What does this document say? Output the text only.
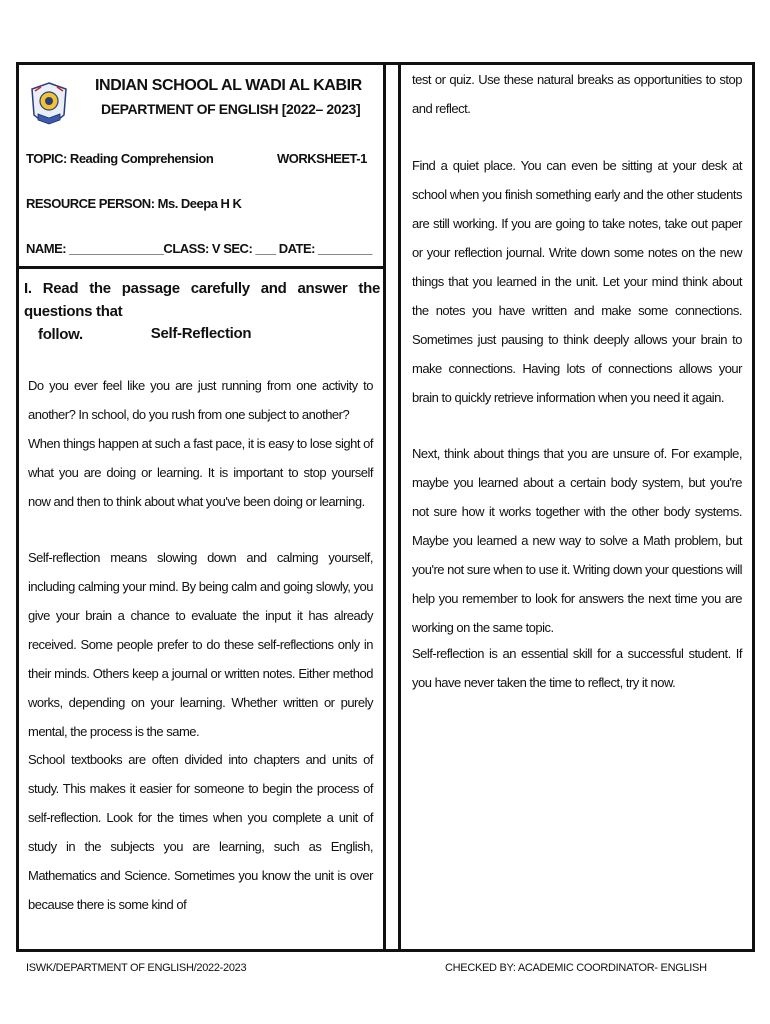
INDIAN SCHOOL AL WADI AL KABIR
DEPARTMENT OF ENGLISH [2022– 2023]
TOPIC: Reading Comprehension	WORKSHEET-1
RESOURCE PERSON: Ms. Deepa H K
NAME: ______________CLASS: V SEC: ___ DATE: ________
I. Read the passage carefully and answer the questions that
follow.	Self-Reflection

Do you ever feel like you are just running from one activity to another? In school, do you rush from one subject to another?

When things happen at such a fast pace, it is easy to lose sight of what you are doing or learning. It is important to stop yourself now and then to think about what you've been doing or learning.

Self-reflection means slowing down and calming yourself, including calming your mind. By being calm and going slowly, you give your brain a chance to evaluate the input it has already received. Some people prefer to do these self-reflections only in their minds. Others keep a journal or written notes. Either method works, depending on your learning. Whether written or purely mental, the process is the same.

School textbooks are often divided into chapters and units of study. This makes it easier for someone to begin the process of self-reflection. Look for the times when you complete a unit of study in the subjects you are learning, such as English, Mathematics and Science. Sometimes you know the unit is over because there is some kind of

test or quiz. Use these natural breaks as opportunities to stop and reflect.

Find a quiet place. You can even be sitting at your desk at school when you finish something early and the other students are still working. If you are going to take notes, take out paper or your reflection journal. Write down some notes on the new things that you learned in the unit. Let your mind think about the notes you have written and make some connections. Sometimes just pausing to think deeply allows your brain to make connections. Having lots of connections allows your brain to quickly retrieve information when you need it again.

Next, think about things that you are unsure of. For example, maybe you learned about a certain body system, but you're not sure how it works together with the other body systems. Maybe you learned a new way to solve a Math problem, but you're not sure when to use it. Writing down your questions will help you remember to look for answers the next time you are working on the same topic.

Self-reflection is an essential skill for a successful student. If you have never taken the time to reflect, try it now.

ISWK/DEPARTMENT OF ENGLISH/2022-2023	CHECKED BY: ACADEMIC COORDINATOR- ENGLISH
